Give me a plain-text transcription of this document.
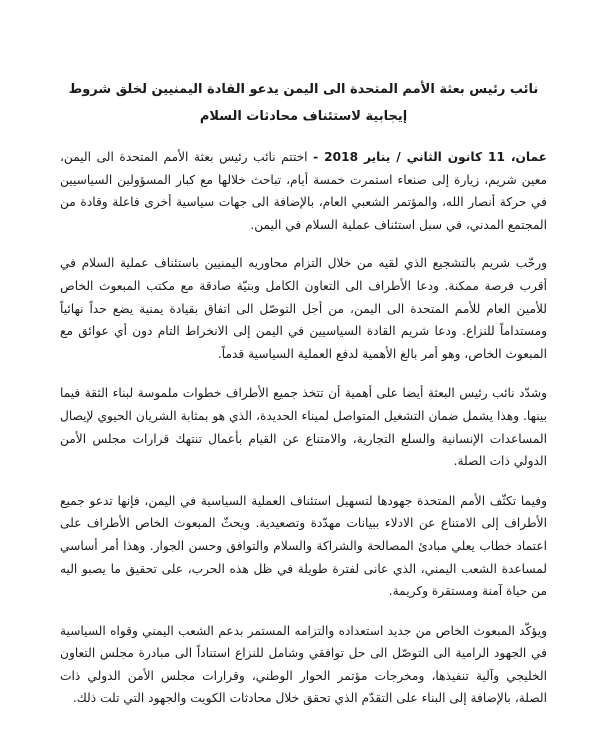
نائب رئيس بعثة الأمم المتحدة الى اليمن يدعو القادة اليمنيين لخلق شروط إيجابية لاستئناف محادثات السلام

عمان، 11 كانون الثاني / يناير 2018 - اختتم نائب رئيس بعثة الأمم المتحدة الى اليمن، معين شريم، زيارة إلى صنعاء استمرت خمسة أيام، تباحث خلالها مع كبار المسؤولين السياسيين في حركة أنصار الله، والمؤتمر الشعبي العام، بالإضافة الى جهات سياسية أخرى فاعلة وقادة من المجتمع المدني، في سبل استئناف عملية السلام في اليمن.

ورحّب شريم بالتشجيع الذي لقيه من خلال التزام محاوريه اليمنيين باستئناف عملية السلام في أقرب فرصة ممكنة. ودعا الأطراف الى التعاون الكامل وبنيّة صادقة مع مكتب المبعوث الخاص للأمين العام للأمم المتحدة الى اليمن، من أجل التوصّل الى اتفاق بقيادة يمنية يضع حداً نهائياً ومستداماً للنزاع. ودعا شريم القادة السياسيين في اليمن إلى الانخراط التام دون أي عوائق مع المبعوث الخاص، وهو أمر بالغ الأهمية لدفع العملية السياسية قدماً.

وشدّد نائب رئيس البعثة أيضا على أهمية أن تتخذ جميع الأطراف خطوات ملموسة لبناء الثقة فيما بينها. وهذا يشمل ضمان التشغيل المتواصل لميناء الحديدة، الذي هو بمثابة الشريان الحيوي لإيصال المساعدات الإنسانية والسلع التجارية، والامتناع عن القيام بأعمال تنتهك قرارات مجلس الأمن الدولي ذات الصلة.

وفيما تكثّف الأمم المتحدة جهودها لتسهيل استئناف العملية السياسية في اليمن، فإنها تدعو جميع الأطراف إلى الامتناع عن الادلاء ببيانات مهدّدة وتصعيدية. ويحثّ المبعوث الخاص الأطراف على اعتماد خطاب يعلي مبادئ المصالحة والشراكة والسلام والتوافق وحسن الجوار. وهذا أمر أساسي لمساعدة الشعب اليمني، الذي عانى لفترة طويلة في ظل هذه الحرب، على تحقيق ما يصبو اليه من حياة آمنة ومستقرة وكريمة.

ويؤكّد المبعوث الخاص من جديد استعداده والتزامه المستمر بدعم الشعب اليمني وقواه السياسية في الجهود الرامية الى التوصّل الى حل توافقي وشامل للنزاع استناداً الى مبادرة مجلس التعاون الخليجي وآلية تنفيذها، ومخرجات مؤتمر الحوار الوطني، وقرارات مجلس الأمن الدولي ذات الصلة، بالإضافة إلى البناء على التقدّم الذي تحقق خلال محادثات الكويت والجهود التي تلت ذلك.
